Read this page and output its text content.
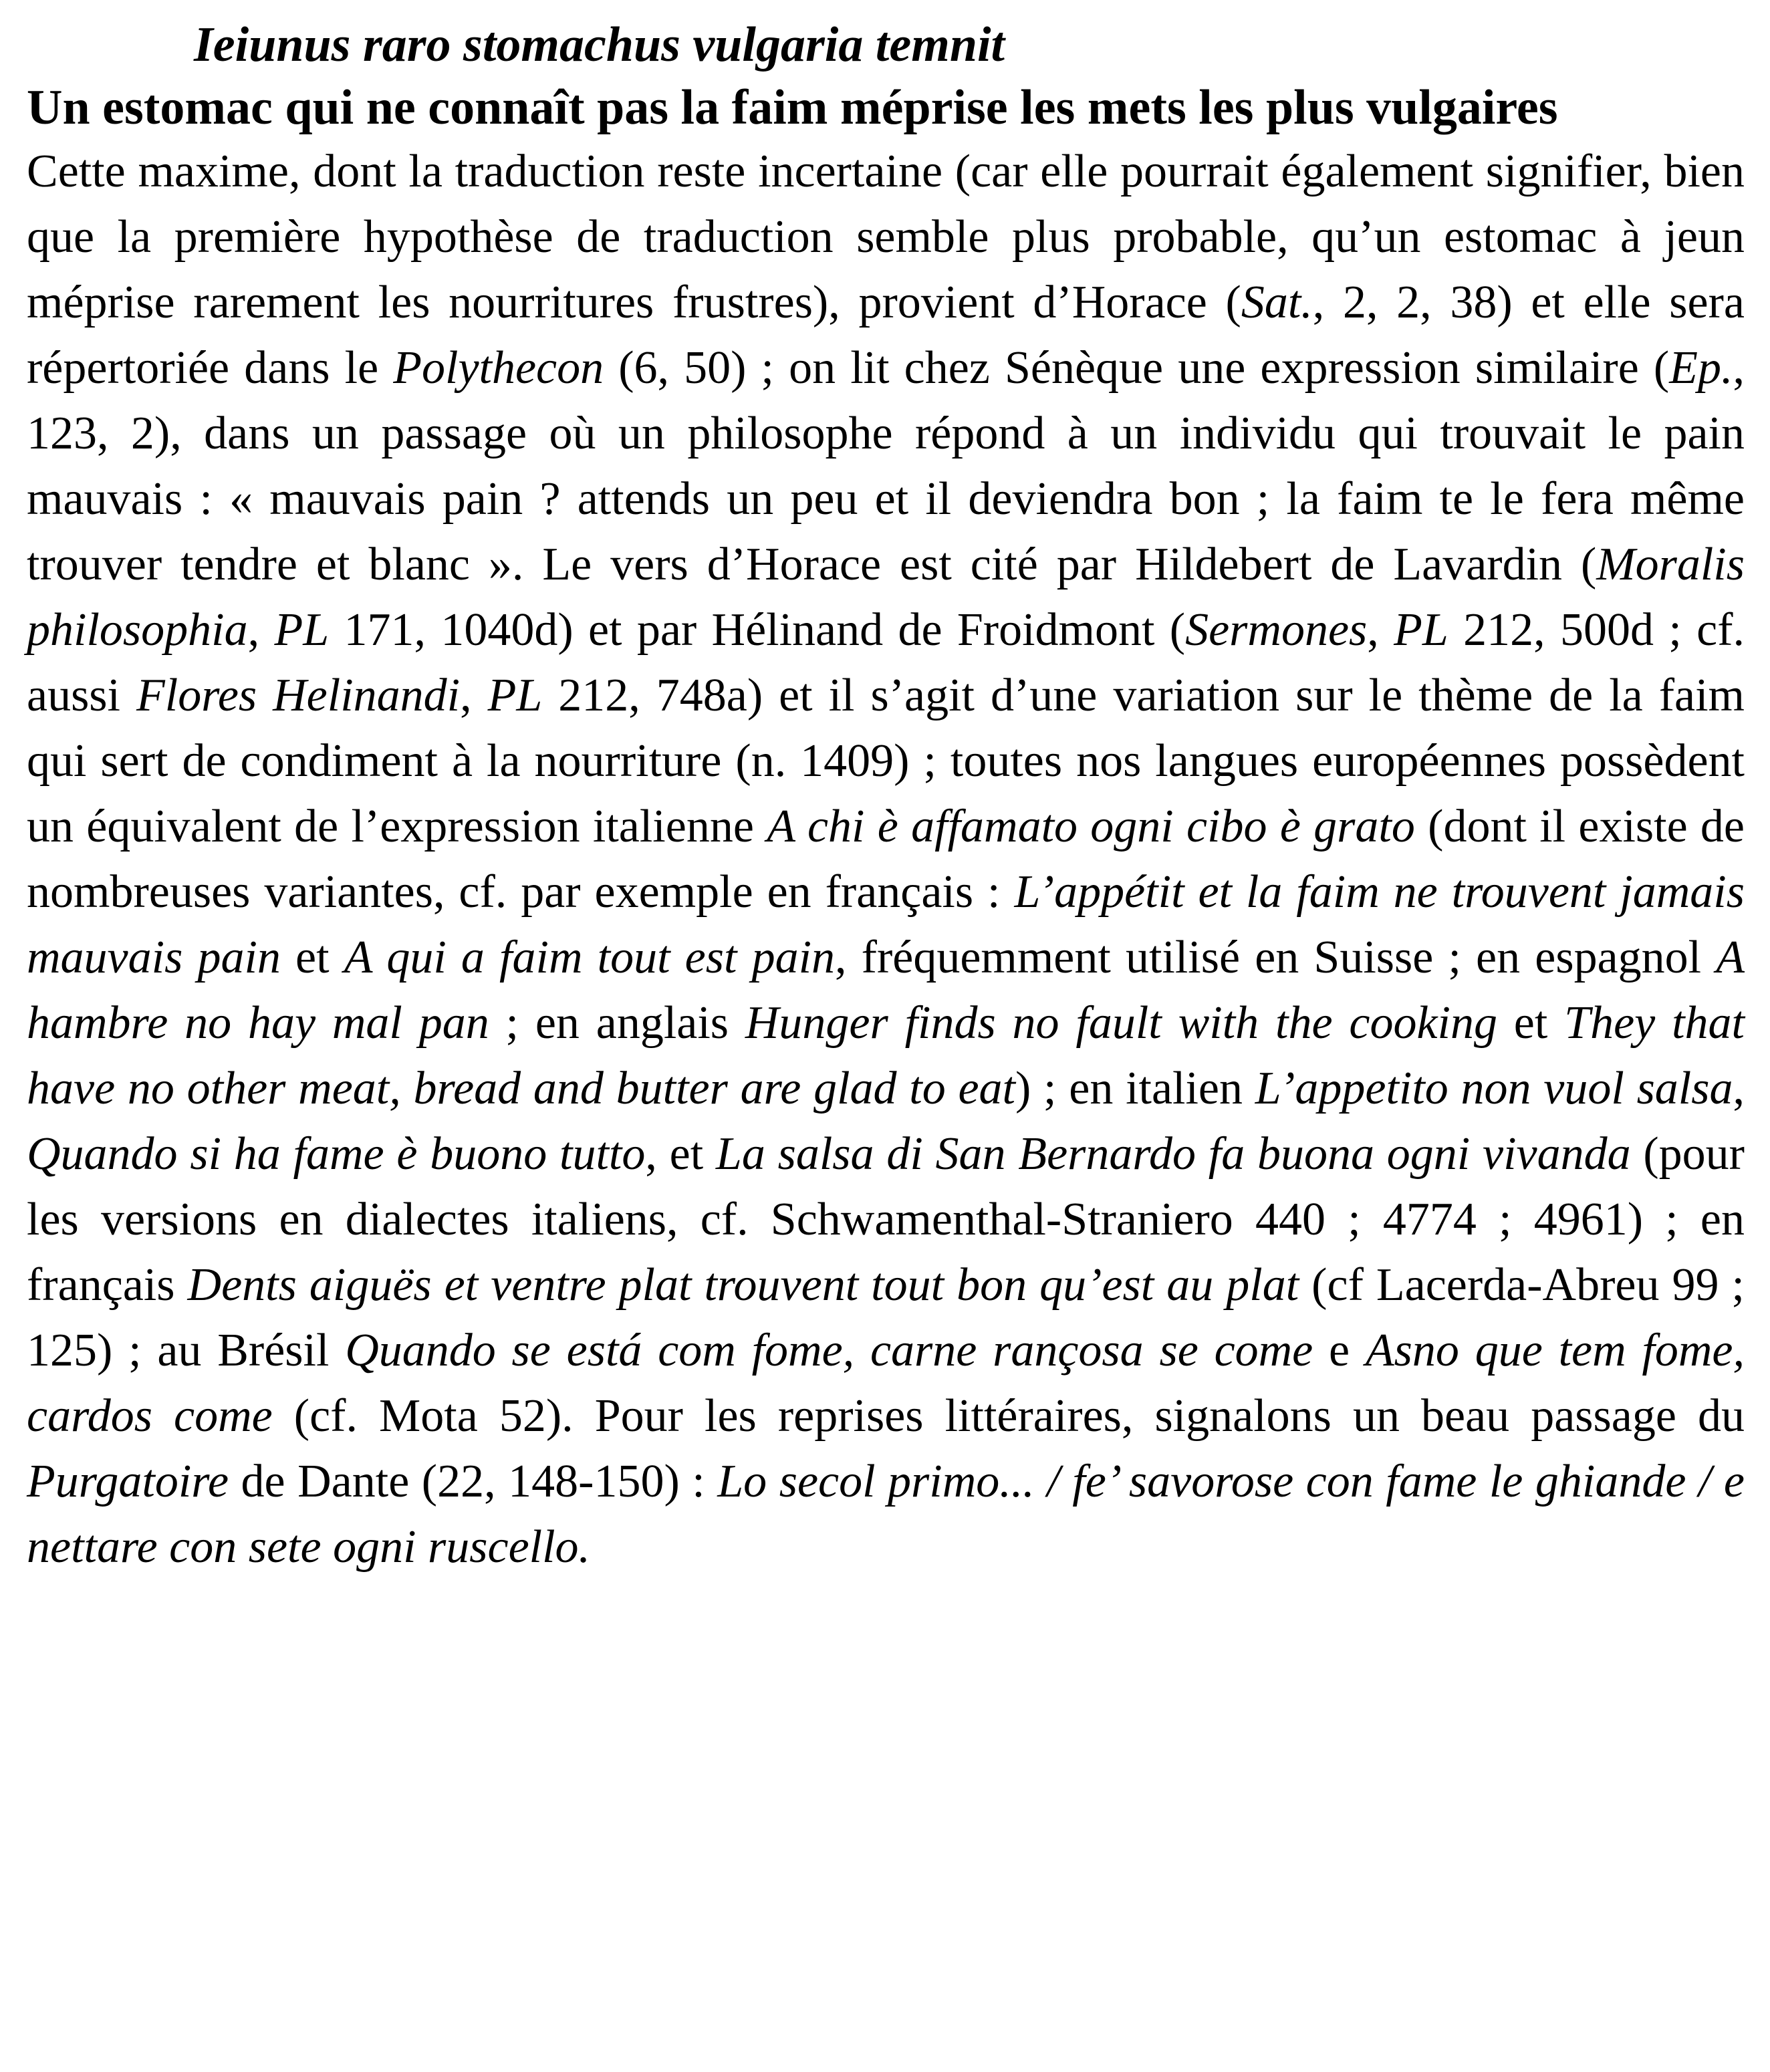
Ieiunus raro stomachus vulgaria temnit
Un estomac qui ne connaît pas la faim méprise les mets les plus vulgaires

Cette maxime, dont la traduction reste incertaine (car elle pourrait également signifier, bien que la première hypothèse de traduction semble plus probable, qu’un estomac à jeun méprise rarement les nourritures frustres), provient d’Horace (Sat., 2, 2, 38) et elle sera répertoriée dans le Polythecon (6, 50) ; on lit chez Sénèque une expression similaire (Ep., 123, 2), dans un passage où un philosophe répond à un individu qui trouvait le pain mauvais : « mauvais pain ? attends un peu et il deviendra bon ; la faim te le fera même trouver tendre et blanc ». Le vers d’Horace est cité par Hildebert de Lavardin (Moralis philosophia, PL 171, 1040d) et par Hélinand de Froidmont (Sermones, PL 212, 500d ; cf. aussi Flores Helinandi, PL 212, 748a) et il s’agit d’une variation sur le thème de la faim qui sert de condiment à la nourriture (n. 1409) ; toutes nos langues européennes possèdent un équivalent de l’expression italienne A chi è affamato ogni cibo è grato (dont il existe de nombreuses variantes, cf. par exemple en français : L’appétit et la faim ne trouvent jamais mauvais pain et A qui a faim tout est pain, fréquemment utilisé en Suisse ; en espagnol A hambre no hay mal pan ; en anglais Hunger finds no fault with the cooking et They that have no other meat, bread and butter are glad to eat) ; en italien L’appetito non vuol salsa, Quando si ha fame è buono tutto, et La salsa di San Bernardo fa buona ogni vivanda (pour les versions en dialectes italiens, cf. Schwamenthal-Straniero 440 ; 4774 ; 4961) ; en français Dents aiguës et ventre plat trouvent tout bon qu’est au plat (cf Lacerda-Abreu 99 ; 125) ; au Brésil Quando se está com fome, carne rançosa se come e Asno que tem fome, cardos come (cf. Mota 52). Pour les reprises littéraires, signalons un beau passage du Purgatoire de Dante (22, 148-150) : Lo secol primo... / fe’ savorose con fame le ghiande / e nettare con sete ogni ruscello.
